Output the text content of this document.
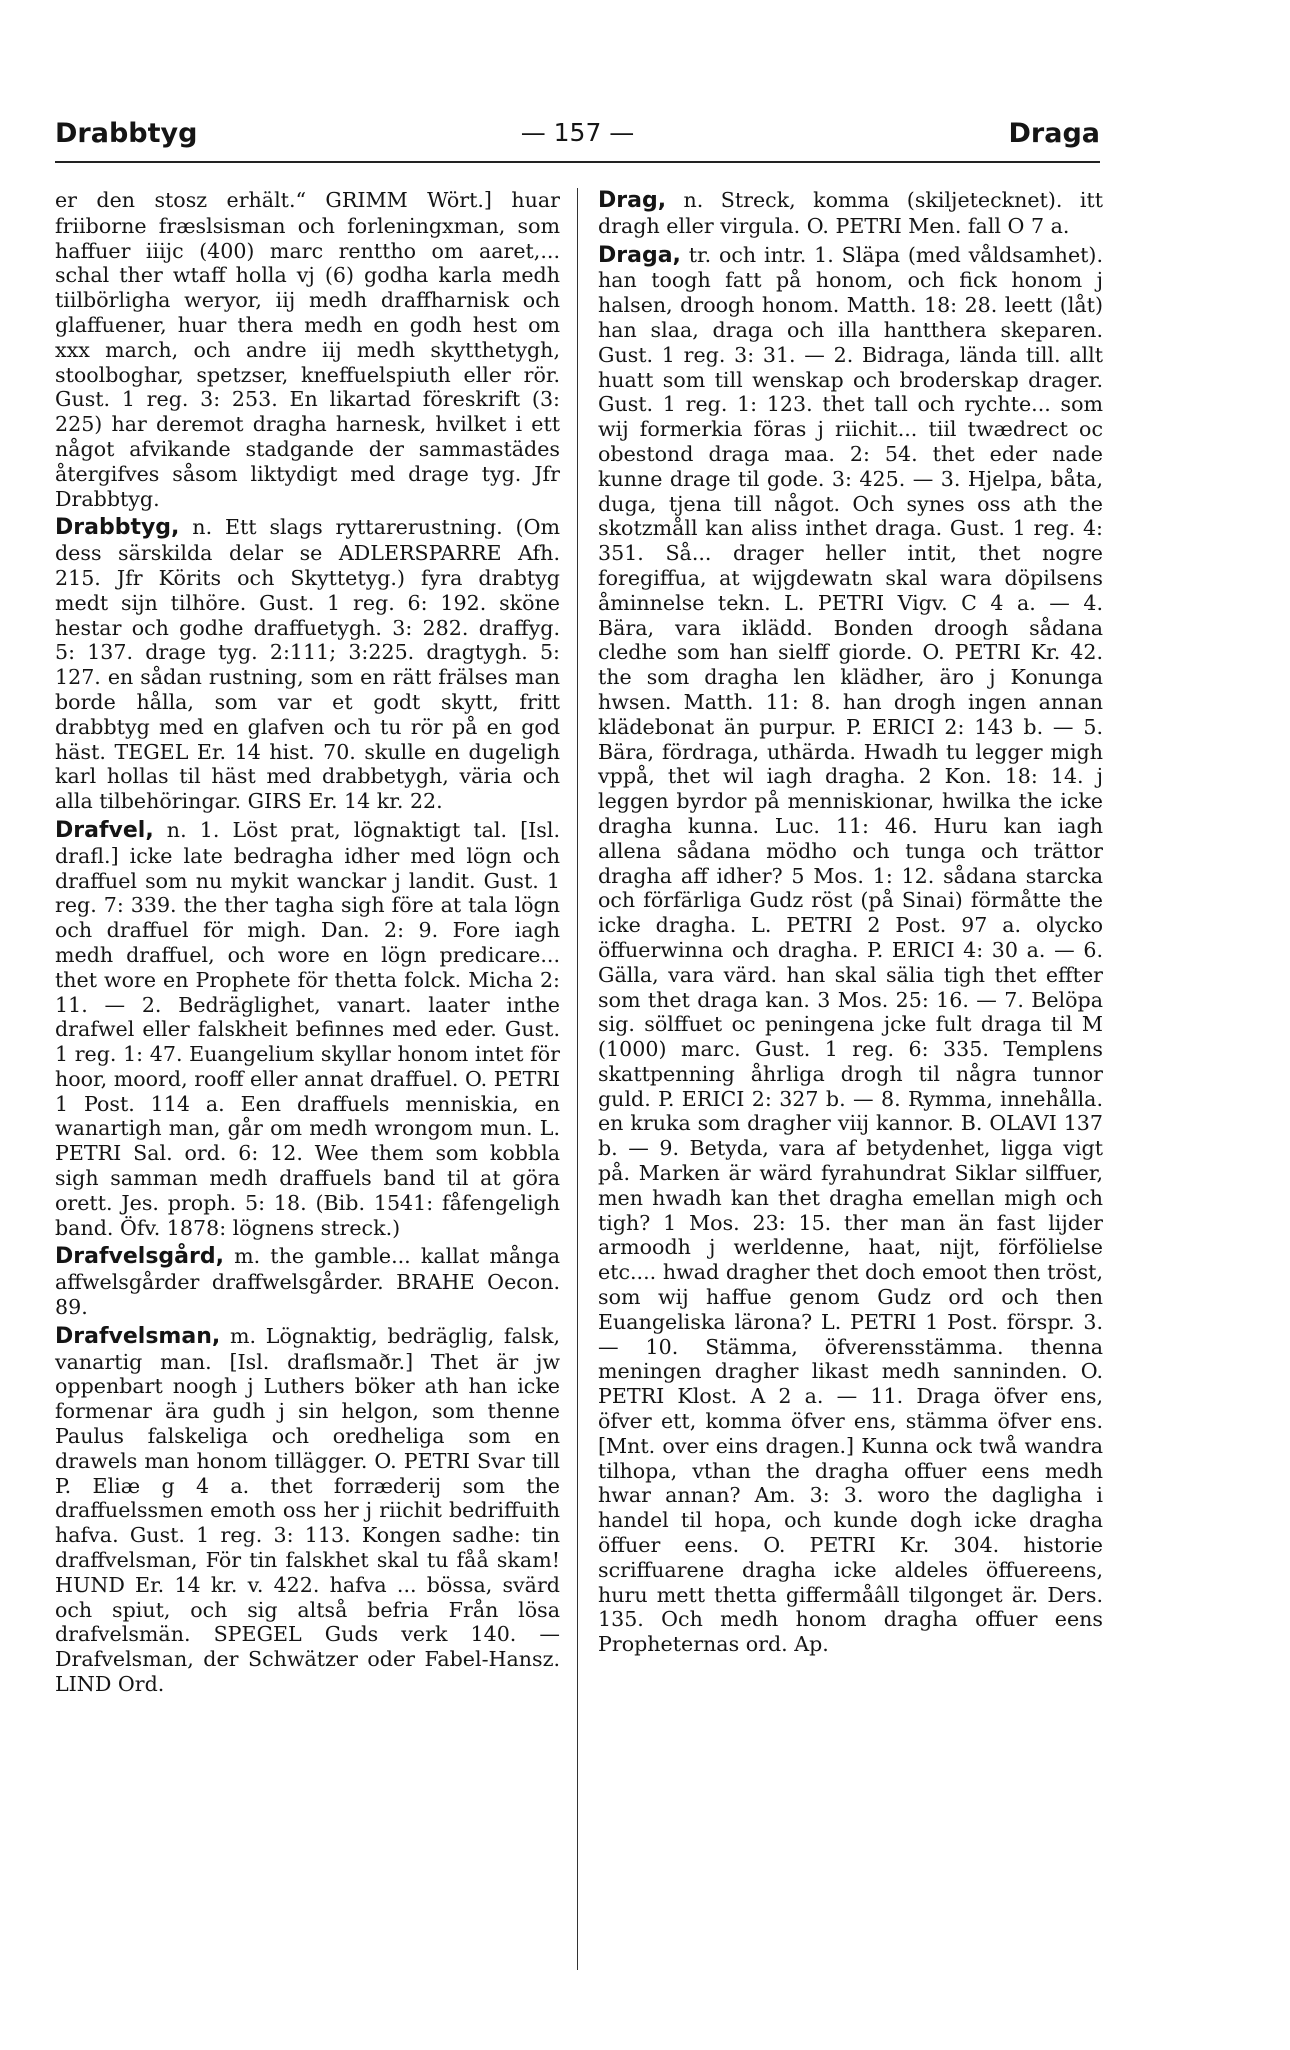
— 157 —
Drabbtyg	Draga

er den stosz erhält.“ GRIMM Wört.] huar friiborne fræslsisman och forleningxman, som haffuer iiijc (400) marc renttho om aaret,... schal ther wtaff holla vj (6) godha karla medh tiilbörligha weryor, iij medh draffharnisk och glaffuener, huar thera medh en godh hest om xxx march, och andre iij medh skytthetygh, stoolboghar, spetzser, kneffuelspiuth eller rör. Gust. 1 reg. 3: 253. En likartad föreskrift (3: 225) har deremot dragha harnesk, hvilket i ett något afvikande stadgande der sammastädes återgifves såsom liktydigt med drage tyg. Jfr Drabbtyg.

Drabbtyg, n. Ett slags ryttarerustning. (Om dess särskilda delar se ADLERSPARRE Afh. 215. Jfr Körits och Skyttetyg.) fyra drabtyg medt sijn tilhöre. Gust. 1 reg. 6: 192. sköne hestar och godhe draffuetygh. 3: 282. draffyg. 5: 137. drage tyg. 2:111; 3:225. dragtygh. 5: 127. en sådan rustning, som en rätt frälses man borde hålla, som var et godt skytt, fritt drabbtyg med en glafven och tu rör på en god häst. TEGEL Er. 14 hist. 70. skulle en dugeligh karl hollas til häst med drabbetygh, väria och alla tilbehöringar. GIRS Er. 14 kr. 22.

Drafvel, n. 1. Löst prat, lögnaktigt tal. [Isl. drafl.] icke late bedragha idher med lögn och draffuel som nu mykit wanckar j landit. Gust. 1 reg. 7: 339. the ther tagha sigh före at tala lögn och draffuel för migh. Dan. 2: 9. Fore iagh medh draffuel, och wore en lögn predicare... thet wore en Prophete för thetta folck. Micha 2: 11. — 2. Bedräglighet, vanart. laater inthe drafwel eller falskheit befinnes med eder. Gust. 1 reg. 1: 47. Euangelium skyllar honom intet för hoor, moord, rooff eller annat draffuel. O. PETRI 1 Post. 114 a. Een draffuels menniskia, en wanartigh man, går om medh wrongom mun. L. PETRI Sal. ord. 6: 12. Wee them som kobbla sigh samman medh draffuels band til at göra orett. Jes. proph. 5: 18. (Bib. 1541: fåfengeligh band. Öfv. 1878: lögnens streck.)

Drafvelsgård, m. the gamble... kallat många affwelsgårder draffwelsgårder. BRAHE Oecon. 89.

Drafvelsman, m. Lögnaktig, bedräglig, falsk, vanartig man. [Isl. draflsmaðr.] Thet är jw oppenbart noogh j Luthers böker ath han icke formenar ära gudh j sin helgon, som thenne Paulus falskeliga och oredheliga som en drawels man honom tillägger. O. PETRI Svar till P. Eliæ g 4 a. thet forræderij som the draffuelssmen emoth oss her j riichit bedriffuith hafva. Gust. 1 reg. 3: 113. Kongen sadhe: tin draffvelsman, För tin falskhet skal tu fåå skam! HUND Er. 14 kr. v. 422. hafva ... bössa, svärd och spiut, och sig altså befria Från lösa drafvelsmän. SPEGEL Guds verk 140. — Drafvelsman, der Schwätzer oder Fabel-Hansz. LIND Ord.

Drag, n. Streck, komma (skiljetecknet). itt dragh eller virgula. O. PETRI Men. fall O 7 a.

Draga, tr. och intr. 1. Släpa (med våldsamhet). han toogh fatt på honom, och fick honom j halsen, droogh honom. Matth. 18: 28. leett (låt) han slaa, draga och illa hantthera skeparen. Gust. 1 reg. 3: 31. — 2. Bidraga, lända till. allt huatt som till wenskap och broderskap drager. Gust. 1 reg. 1: 123. thet tall och rychte... som wij formerkia föras j riichit... tiil twædrect oc obestond draga maa. 2: 54. thet eder nade kunne drage til gode. 3: 425. — 3. Hjelpa, båta, duga, tjena till något. Och synes oss ath the skotzmåll kan aliss inthet draga. Gust. 1 reg. 4: 351. Så... drager heller intit, thet nogre foregiffua, at wijgdewatn skal wara döpilsens åminnelse tekn. L. PETRI Vigv. C 4 a. — 4. Bära, vara iklädd. Bonden droogh sådana cledhe som han sielff giorde. O. PETRI Kr. 42. the som dragha len klädher, äro j Konunga hwsen. Matth. 11: 8. han drogh ingen annan klädebonat än purpur. P. ERICI 2: 143 b. — 5. Bära, fördraga, uthärda. Hwadh tu legger migh vppå, thet wil iagh dragha. 2 Kon. 18: 14. j leggen byrdor på menniskionar, hwilka the icke dragha kunna. Luc. 11: 46. Huru kan iagh allena sådana mödho och tunga och trättor dragha aff idher? 5 Mos. 1: 12. sådana starcka och förfärliga Gudz röst (på Sinai) förmåtte the icke dragha. L. PETRI 2 Post. 97 a. olycko öffuerwinna och dragha. P. ERICI 4: 30 a. — 6. Gälla, vara värd. han skal sälia tigh thet effter som thet draga kan. 3 Mos. 25: 16. — 7. Belöpa sig. sölffuet oc peningena jcke fult draga til M (1000) marc. Gust. 1 reg. 6: 335. Templens skattpenning åhrliga drogh til några tunnor guld. P. ERICI 2: 327 b. — 8. Rymma, innehålla. en kruka som dragher viij kannor. B. OLAVI 137 b. — 9. Betyda, vara af betydenhet, ligga vigt på. Marken är wärd fyrahundrat Siklar silffuer, men hwadh kan thet dragha emellan migh och tigh? 1 Mos. 23: 15. ther man än fast lijder armoodh j werldenne, haat, nijt, förfölielse etc.... hwad dragher thet doch emoot then tröst, som wij haffue genom Gudz ord och then Euangeliska lärona? L. PETRI 1 Post. förspr. 3. — 10. Stämma, öfverensstämma. thenna meningen dragher likast medh sanninden. O. PETRI Klost. A 2 a. — 11. Draga öfver ens, öfver ett, komma öfver ens, stämma öfver ens. [Mnt. over eins dragen.] Kunna ock twå wandra tilhopa, vthan the dragha offuer eens medh hwar annan? Am. 3: 3. woro the dagligha i handel til hopa, och kunde dogh icke dragha öffuer eens. O. PETRI Kr. 304. historie scriffuarene dragha icke aldeles öffuereens, huru mett thetta giffermåâll tilgonget är. Ders. 135. Och medh honom dragha offuer eens Propheternas ord. Ap.
